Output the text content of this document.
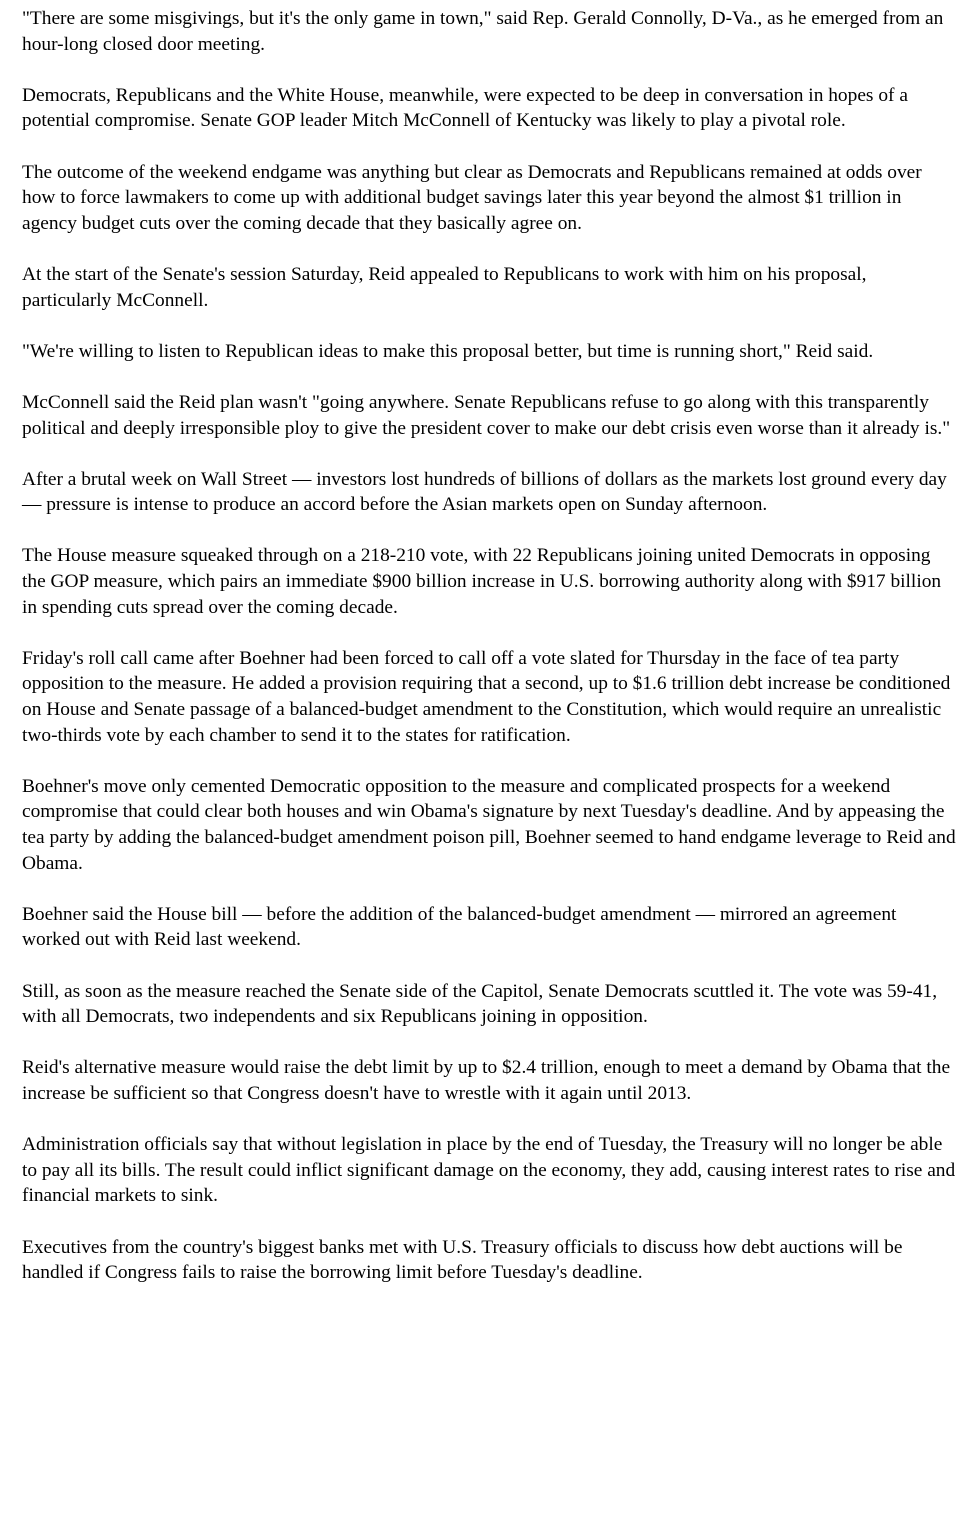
"There are some misgivings, but it's the only game in town," said Rep. Gerald Connolly, D-Va., as he emerged from an hour-long closed door meeting.

Democrats, Republicans and the White House, meanwhile, were expected to be deep in conversation in hopes of a potential compromise. Senate GOP leader Mitch McConnell of Kentucky was likely to play a pivotal role.

The outcome of the weekend endgame was anything but clear as Democrats and Republicans remained at odds over how to force lawmakers to come up with additional budget savings later this year beyond the almost $1 trillion in agency budget cuts over the coming decade that they basically agree on.

At the start of the Senate's session Saturday, Reid appealed to Republicans to work with him on his proposal, particularly McConnell.

"We're willing to listen to Republican ideas to make this proposal better, but time is running short," Reid said.

McConnell said the Reid plan wasn't "going anywhere. Senate Republicans refuse to go along with this transparently political and deeply irresponsible ploy to give the president cover to make our debt crisis even worse than it already is."

After a brutal week on Wall Street — investors lost hundreds of billions of dollars as the markets lost ground every day — pressure is intense to produce an accord before the Asian markets open on Sunday afternoon.

The House measure squeaked through on a 218-210 vote, with 22 Republicans joining united Democrats in opposing the GOP measure, which pairs an immediate $900 billion increase in U.S. borrowing authority along with $917 billion in spending cuts spread over the coming decade.

Friday's roll call came after Boehner had been forced to call off a vote slated for Thursday in the face of tea party opposition to the measure. He added a provision requiring that a second, up to $1.6 trillion debt increase be conditioned on House and Senate passage of a balanced-budget amendment to the Constitution, which would require an unrealistic two-thirds vote by each chamber to send it to the states for ratification.

Boehner's move only cemented Democratic opposition to the measure and complicated prospects for a weekend compromise that could clear both houses and win Obama's signature by next Tuesday's deadline. And by appeasing the tea party by adding the balanced-budget amendment poison pill, Boehner seemed to hand endgame leverage to Reid and Obama.

Boehner said the House bill — before the addition of the balanced-budget amendment — mirrored an agreement worked out with Reid last weekend.

Still, as soon as the measure reached the Senate side of the Capitol, Senate Democrats scuttled it. The vote was 59-41, with all Democrats, two independents and six Republicans joining in opposition.

Reid's alternative measure would raise the debt limit by up to $2.4 trillion, enough to meet a demand by Obama that the increase be sufficient so that Congress doesn't have to wrestle with it again until 2013.

Administration officials say that without legislation in place by the end of Tuesday, the Treasury will no longer be able to pay all its bills. The result could inflict significant damage on the economy, they add, causing interest rates to rise and financial markets to sink.

Executives from the country's biggest banks met with U.S. Treasury officials to discuss how debt auctions will be handled if Congress fails to raise the borrowing limit before Tuesday's deadline.
